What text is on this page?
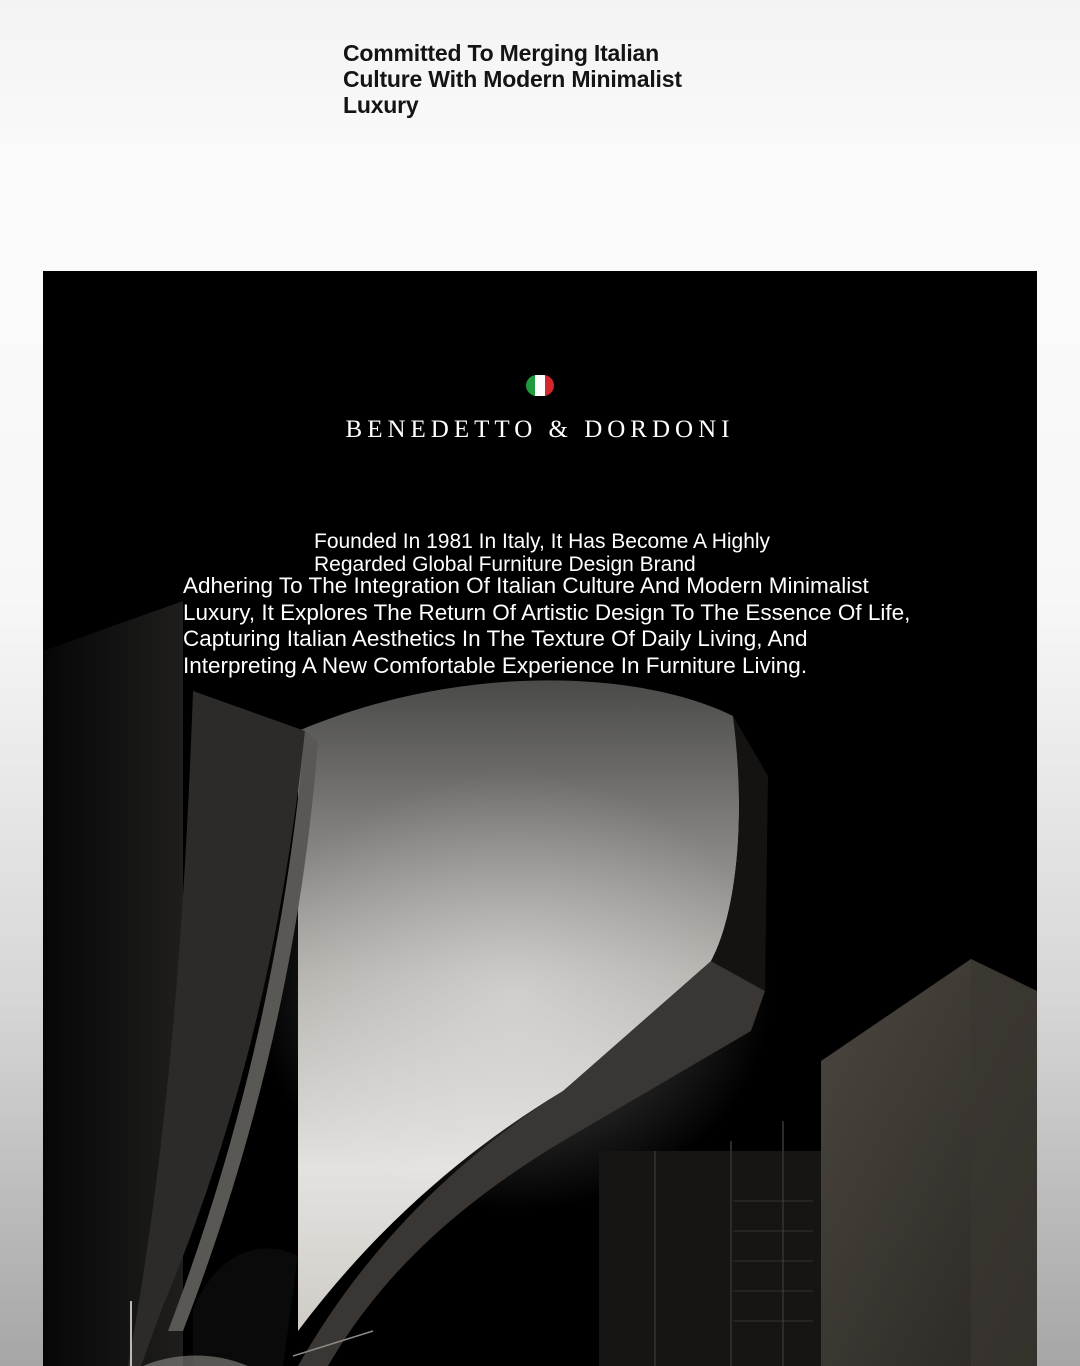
Committed To Merging Italian Culture With Modern Minimalist Luxury
BENEDETTO & DORDONI

Founded In 1981 In Italy, It Has Become A Highly Regarded Global Furniture Design Brand

Adhering To The Integration Of Italian Culture And Modern Minimalist Luxury, It Explores The Return Of Artistic Design To The Essence Of Life, Capturing Italian Aesthetics In The Texture Of Daily Living, And Interpreting A New Comfortable Experience In Furniture Living.
